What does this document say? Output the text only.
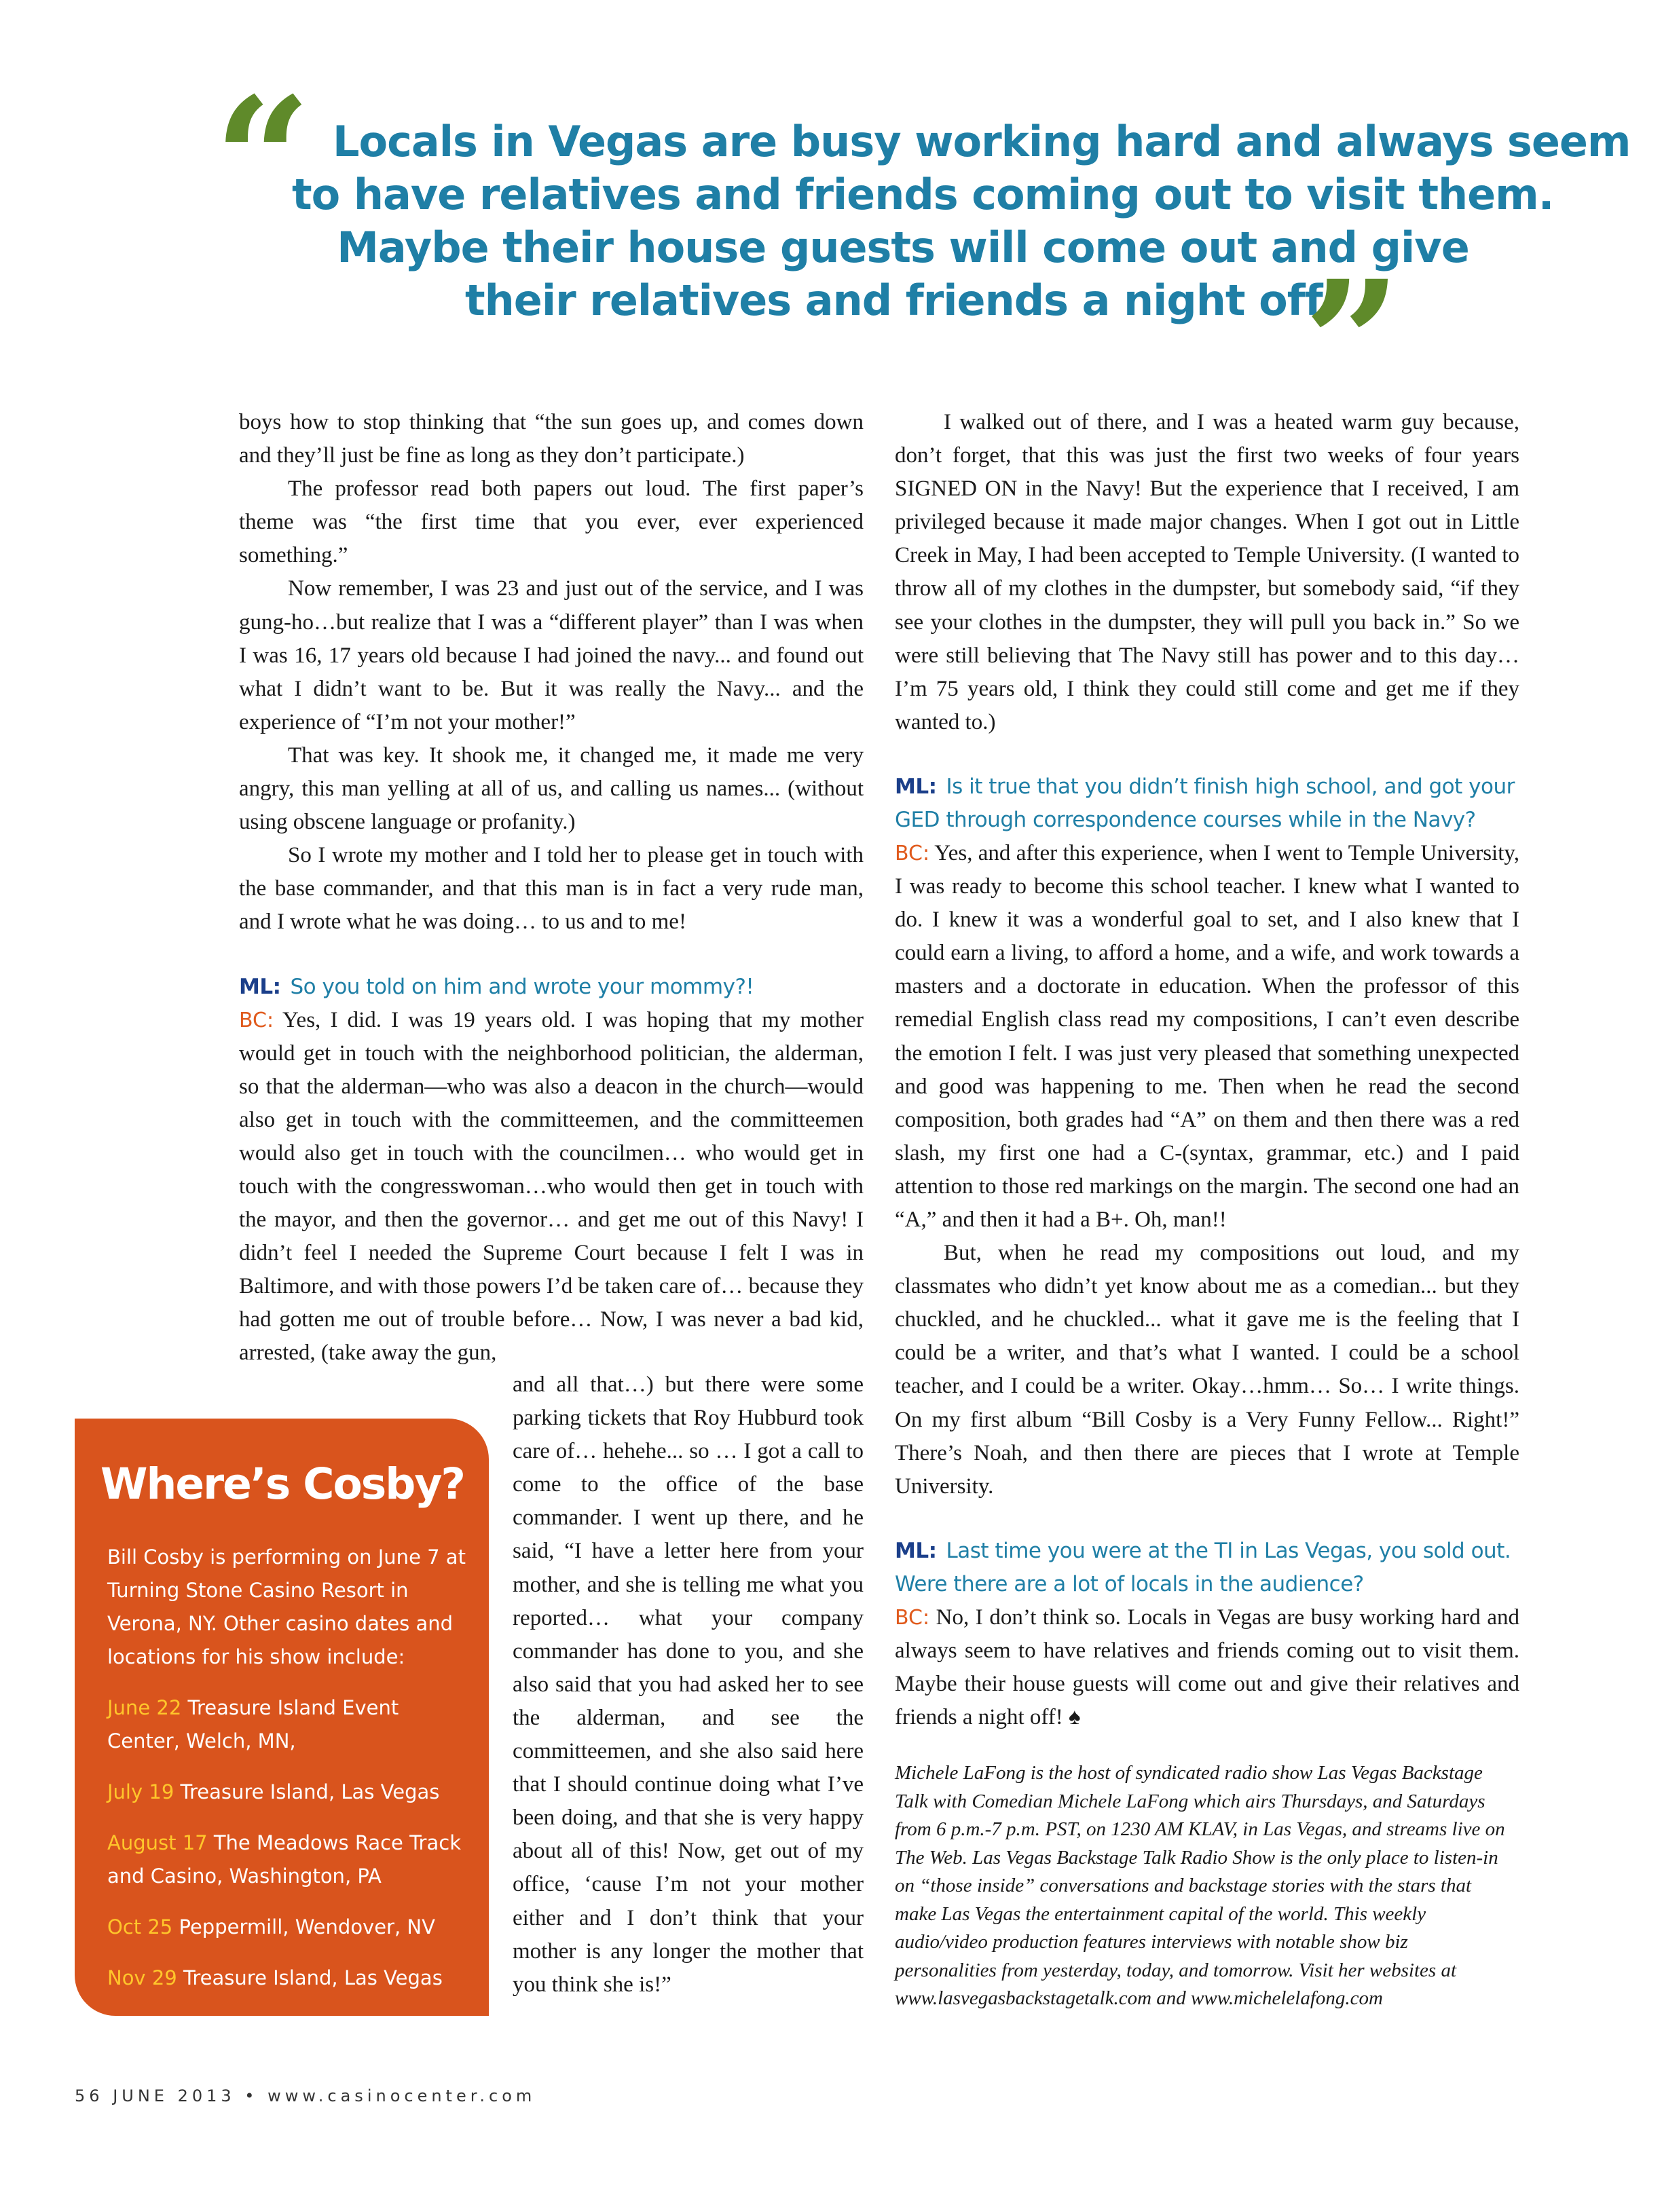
“ Locals in Vegas are busy working hard and always seem
to have relatives and friends coming out to visit them.
Maybe their house guests will come out and give
their relatives and friends a night off!
”

boys how to stop thinking that “the sun goes up, and comes down and they’ll just be fine as long as they don’t participate.)

The professor read both papers out loud. The first paper’s theme was “the first time that you ever, ever experienced something.”

Now remember, I was 23 and just out of the service, and I was gung-ho…but realize that I was a “different player” than I was when I was 16, 17 years old because I had joined the navy... and found out what I didn’t want to be. But it was really the Navy... and the experience of “I’m not your mother!”

That was key. It shook me, it changed me, it made me very angry, this man yelling at all of us, and calling us names... (without using obscene language or profanity.)

So I wrote my mother and I told her to please get in touch with the base commander, and that this man is in fact a very rude man, and I wrote what he was doing… to us and to me!

ML: So you told on him and wrote your mommy?!

BC: Yes, I did. I was 19 years old. I was hoping that my mother would get in touch with the neighborhood politician, the alderman, so that the alderman—who was also a deacon in the church—would also get in touch with the committeemen, and the committeemen would also get in touch with the councilmen… who would get in touch with the congresswoman…who would then get in touch with the mayor, and then the governor… and get me out of this Navy! I didn’t feel I needed the Supreme Court because I felt I was in Baltimore, and with those powers I’d be taken care of… because they had gotten me out of trouble before… Now, I was never a bad kid, arrested, (take away the gun,

and all that…) but there were some parking tickets that Roy Hubburd took care of… hehehe... so … I got a call to come to the office of the base commander. I went up there, and he said, “I have a letter here from your mother, and she is telling me what you reported… what your company commander has done to you, and she also said that you had asked her to see the alderman, and see the committeemen, and she also said here that I should continue doing what I’ve been doing, and that she is very happy about all of this! Now, get out of my office, ‘cause I’m not your mother either and I don’t think that your mother is any longer the mother that you think she is!”

I walked out of there, and I was a heated warm guy because, don’t forget, that this was just the first two weeks of four years SIGNED ON in the Navy! But the experience that I received, I am privileged because it made major changes. When I got out in Little Creek in May, I had been accepted to Temple University. (I wanted to throw all of my clothes in the dumpster, but somebody said, “if they see your clothes in the dumpster, they will pull you back in.” So we were still believing that The Navy still has power and to this day… I’m 75 years old, I think they could still come and get me if they wanted to.)

ML: Is it true that you didn’t finish high school, and got your GED through correspondence courses while in the Navy?

BC: Yes, and after this experience, when I went to Temple University, I was ready to become this school teacher. I knew what I wanted to do. I knew it was a wonderful goal to set, and I also knew that I could earn a living, to afford a home, and a wife, and work towards a masters and a doctorate in education. When the professor of this remedial English class read my compositions, I can’t even describe the emotion I felt. I was just very pleased that something unexpected and good was happening to me. Then when he read the second composition, both grades had “A” on them and then there was a red slash, my first one had a C-(syntax, grammar, etc.) and I paid attention to those red markings on the margin. The second one had an “A,” and then it had a B+. Oh, man!!

But, when he read my compositions out loud, and my classmates who didn’t yet know about me as a comedian... but they chuckled, and he chuckled... what it gave me is the feeling that I could be a writer, and that’s what I wanted. I could be a school teacher, and I could be a writer. Okay…hmm… So… I write things. On my first album “Bill Cosby is a Very Funny Fellow... Right!” There’s Noah, and then there are pieces that I wrote at Temple University.

ML: Last time you were at the TI in Las Vegas, you sold out. Were there are a lot of locals in the audience?

BC: No, I don’t think so. Locals in Vegas are busy working hard and always seem to have relatives and friends coming out to visit them. Maybe their house guests will come out and give their relatives and friends a night off! ♠

Where’s Cosby?

Bill Cosby is performing on June 7 at Turning Stone Casino Resort in Verona, NY. Other casino dates and locations for his show include:

June 22 Treasure Island Event Center, Welch, MN,

July 19 Treasure Island, Las Vegas

August 17 The Meadows Race Track and Casino, Washington, PA

Oct 25 Peppermill, Wendover, NV

Nov 29 Treasure Island, Las Vegas

Michele LaFong is the host of syndicated radio show Las Vegas Backstage Talk with Comedian Michele LaFong which airs Thursdays, and Saturdays from 6 p.m.-7 p.m. PST, on 1230 AM KLAV, in Las Vegas, and streams live on The Web. Las Vegas Backstage Talk Radio Show is the only place to listen-in on “those inside” conversations and backstage stories with the stars that make Las Vegas the entertainment capital of the world. This weekly audio/video production features interviews with notable show biz personalities from yesterday, today, and tomorrow. Visit her websites at www.lasvegasbackstagetalk.com and www.michelelafong.com

56 JUNE 2013 • www.casinocenter.com
